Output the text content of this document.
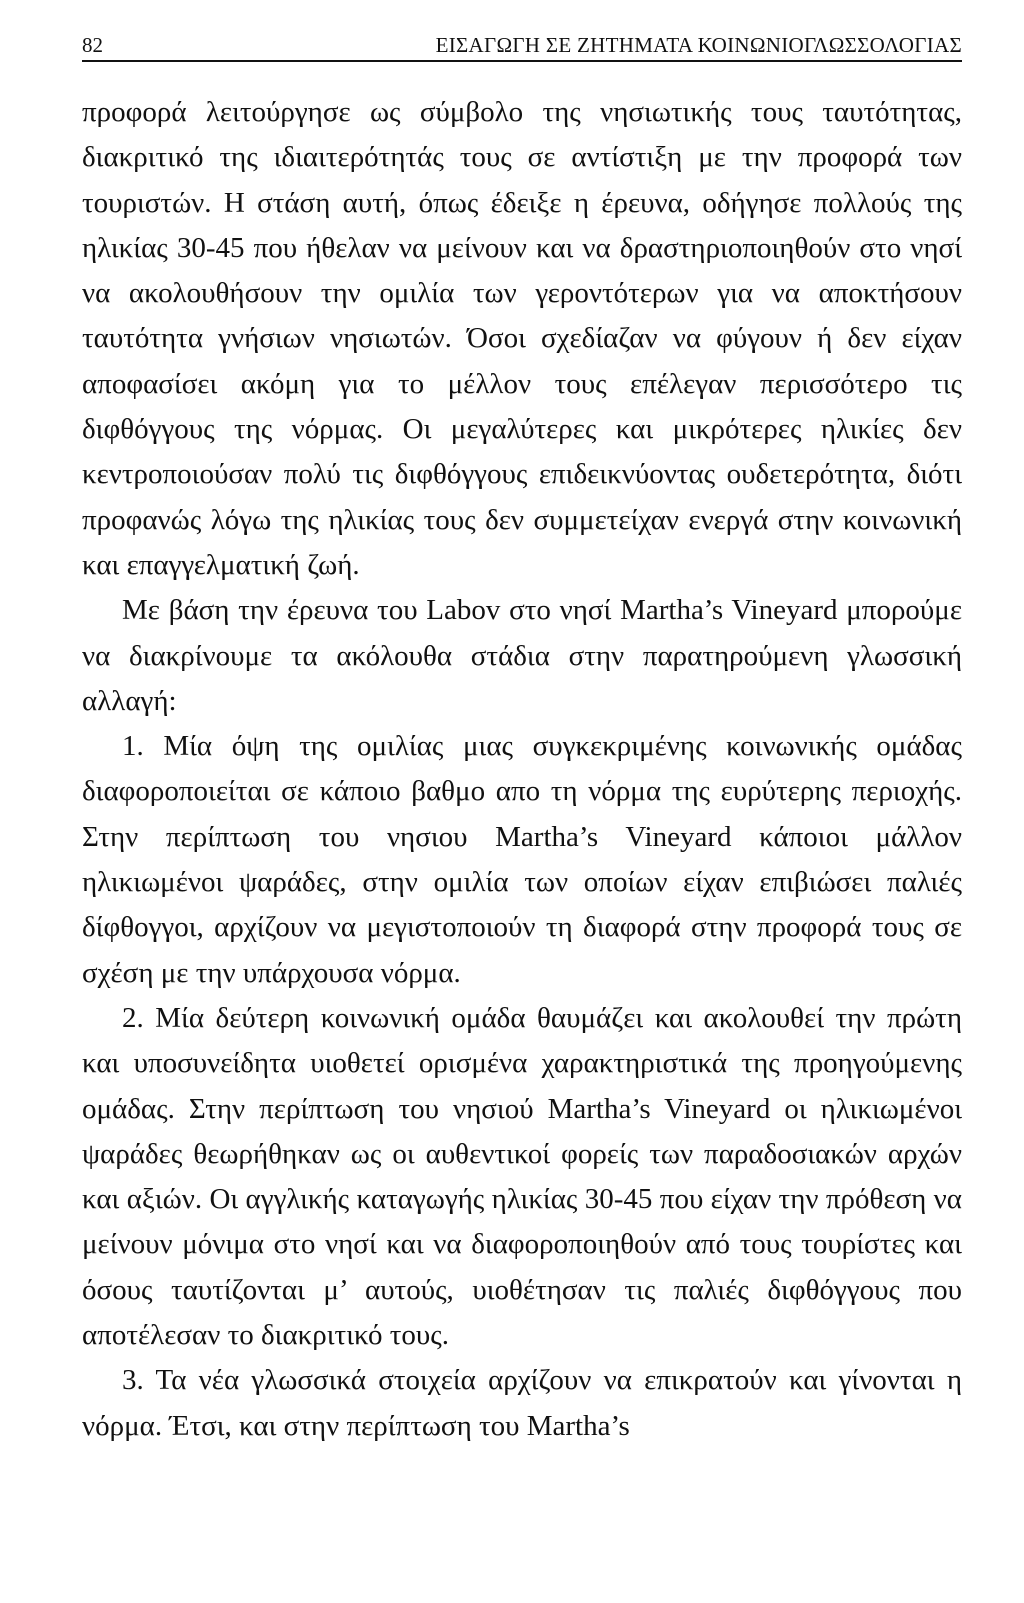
82	ΕΙΣΑΓΩΓΗ ΣΕ ΖΗΤΗΜΑΤΑ ΚΟΙΝΩΝΙΟΓΛΩΣΣΟΛΟΓΙΑΣ

προφορά λειτούργησε ως σύμβολο της νησιωτικής τους ταυτότητας, διακριτικό της ιδιαιτερότητάς τους σε αντίστιξη με την προφορά των τουριστών. Η στάση αυτή, όπως έδειξε η έρευνα, οδήγησε πολλούς της ηλικίας 30-45 που ήθελαν να μείνουν και να δραστηριοποιηθούν στο νησί να ακολουθήσουν την ομιλία των γεροντότερων για να αποκτήσουν ταυτότητα γνήσιων νησιωτών. Όσοι σχεδίαζαν να φύγουν ή δεν είχαν αποφασίσει ακόμη για το μέλλον τους επέλεγαν περισσότερο τις διφθόγγους της νόρμας. Οι μεγαλύτερες και μικρότερες ηλικίες δεν κεντροποιούσαν πολύ τις διφθόγγους επιδεικνύοντας ουδετερότητα, διότι προφανώς λόγω της ηλικίας τους δεν συμμετείχαν ενεργά στην κοινωνική και επαγγελματική ζωή.

Με βάση την έρευνα του Labov στο νησί Martha’s Vineyard μπορούμε να διακρίνουμε τα ακόλουθα στάδια στην παρατηρούμενη γλωσσική αλλαγή:

1. Μία όψη της ομιλίας μιας συγκεκριμένης κοινωνικής ομάδας διαφοροποιείται σε κάποιο βαθμο απο τη νόρμα της ευρύτερης περιοχής. Στην περίπτωση του νησιου Martha’s Vineyard κάποιοι μάλλον ηλικιωμένοι ψαράδες, στην ομιλία των οποίων είχαν επιβιώσει παλιές δίφθογγοι, αρχίζουν να μεγιστοποιούν τη διαφορά στην προφορά τους σε σχέση με την υπάρχουσα νόρμα.

2. Μία δεύτερη κοινωνική ομάδα θαυμάζει και ακολουθεί την πρώτη και υποσυνείδητα υιοθετεί ορισμένα χαρακτηριστικά της προηγούμενης ομάδας. Στην περίπτωση του νησιού Martha’s Vineyard οι ηλικιωμένοι ψαράδες θεωρήθηκαν ως οι αυθεντικοί φορείς των παραδοσιακών αρχών και αξιών. Οι αγγλικής καταγωγής ηλικίας 30-45 που είχαν την πρόθεση να μείνουν μόνιμα στο νησί και να διαφοροποιηθούν από τους τουρίστες και όσους ταυτίζονται μ’ αυτούς, υιοθέτησαν τις παλιές διφθόγγους που αποτέλεσαν το διακριτικό τους.

3. Τα νέα γλωσσικά στοιχεία αρχίζουν να επικρατούν και γίνονται η νόρμα. Έτσι, και στην περίπτωση του Martha’s
